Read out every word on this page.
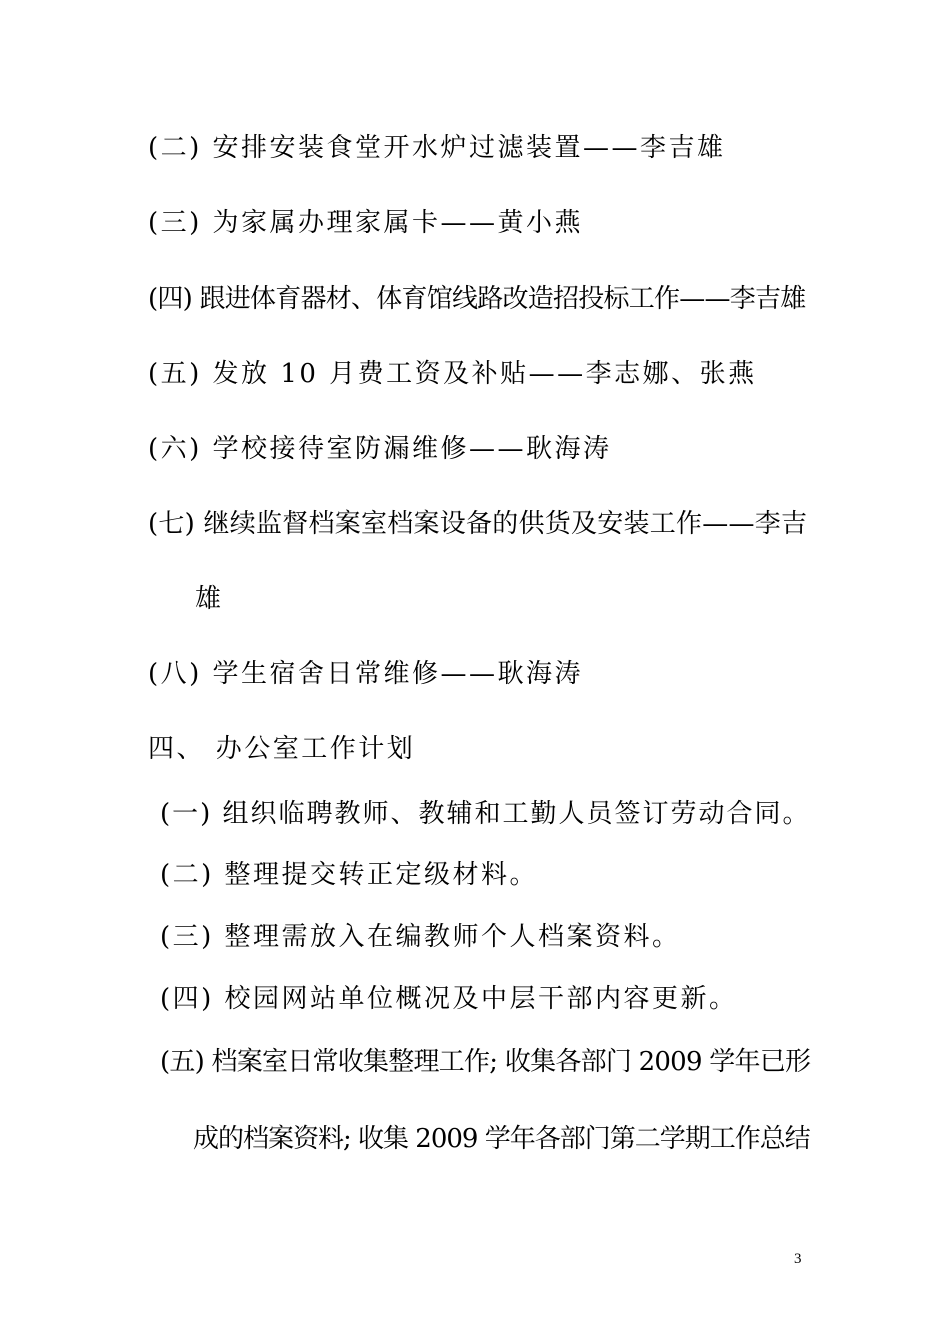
(二) 安排安装食堂开水炉过滤装置——李吉雄
(三) 为家属办理家属卡——黄小燕
(四) 跟进体育器材、体育馆线路改造招投标工作——李吉雄
(五) 发放 10 月费工资及补贴——李志娜、张燕
(六) 学校接待室防漏维修——耿海涛
(七) 继续监督档案室档案设备的供货及安装工作——李吉
雄
(八) 学生宿舍日常维修——耿海涛
四、 办公室工作计划
(一) 组织临聘教师、教辅和工勤人员签订劳动合同。
(二) 整理提交转正定级材料。
(三) 整理需放入在编教师个人档案资料。
(四) 校园网站单位概况及中层干部内容更新。
(五) 档案室日常收集整理工作; 收集各部门 2009 学年已形
成的档案资料; 收集 2009 学年各部门第二学期工作总结
3
